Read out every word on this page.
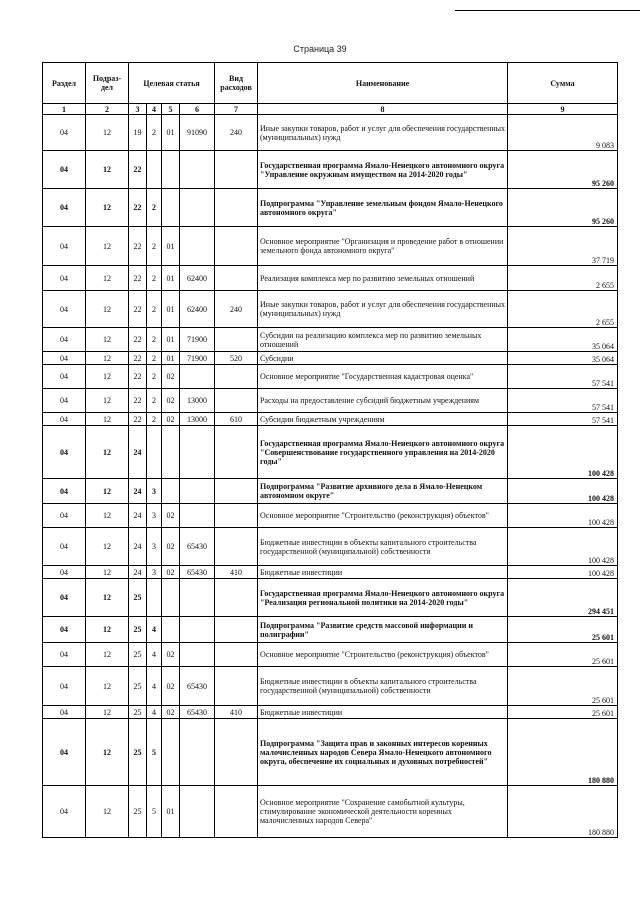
Страница 39
Раздел	Подраз-дел	Целевая статья				Вид расходов	Наименование	Сумма
1	2	3	4	5	6	7	8	9
04	12	19	2	01	91090	240	Иные закупки товаров, работ и услуг для обеспечения государственных (муниципальных) нужд	9 083
04	12	22					Государственная программа Ямало-Ненецкого автономного округа "Управление окружным имуществом на 2014-2020 годы"	95 260
04	12	22	2				Подпрограмма "Управление земельным фондом Ямало-Ненецкого автономного округа"	95 260
04	12	22	2	01			Основное мероприятие "Организация и проведение работ в отношении земельного фонда автономного округа"	37 719
04	12	22	2	01	62400		Реализация комплекса мер по развитию земельных отношений	2 655
04	12	22	2	01	62400	240	Иные закупки товаров, работ и услуг для обеспечения государственных (муниципальных) нужд	2 655
04	12	22	2	01	71900		Субсидии на реализацию комплекса мер по развитию земельных отношений	35 064
04	12	22	2	01	71900	520	Субсидии	35 064
04	12	22	2	02			Основное мероприятие "Государственная кадастровая оценка"	57 541
04	12	22	2	02	13000		Расходы на предоставление субсидий бюджетным учреждениям	57 541
04	12	22	2	02	13000	610	Субсидии бюджетным учреждениям	57 541
04	12	24					Государственная программа Ямало-Ненецкого автономного округа "Совершенствование государственного управления на 2014-2020 годы"	100 428
04	12	24	3				Подпрограмма "Развитие архивного дела в Ямало-Ненецком автономном округе"	100 428
04	12	24	3	02			Основное мероприятие "Строительство (реконструкция) объектов"	100 428
04	12	24	3	02	65430		Бюджетные инвестиции в объекты капитального строительства государственной (муниципальной) собственности	100 428
04	12	24	3	02	65430	410	Бюджетные инвестиции	100 428
04	12	25					Государственная программа Ямало-Ненецкого автономного округа "Реализация региональной политики на 2014-2020 годы"	294 451
04	12	25	4				Подпрограмма "Развитие средств массовой информации и полиграфии"	25 601
04	12	25	4	02			Основное мероприятие "Строительство (реконструкция) объектов"	25 601
04	12	25	4	02	65430		Бюджетные инвестиции в объекты капитального строительства государственной (муниципальной) собственности	25 601
04	12	25	4	02	65430	410	Бюджетные инвестиции	25 601
04	12	25	5				Подпрограмма "Защита прав и законных интересов коренных малочисленных народов Севера Ямало-Ненецкого автономного округа, обеспечение их социальных и духовных потребностей"	180 880
04	12	25	5	01			Основное мероприятие "Сохранение самобытной культуры, стимулирование экономической деятельности коренных малочисленных народов Севера"	180 880
